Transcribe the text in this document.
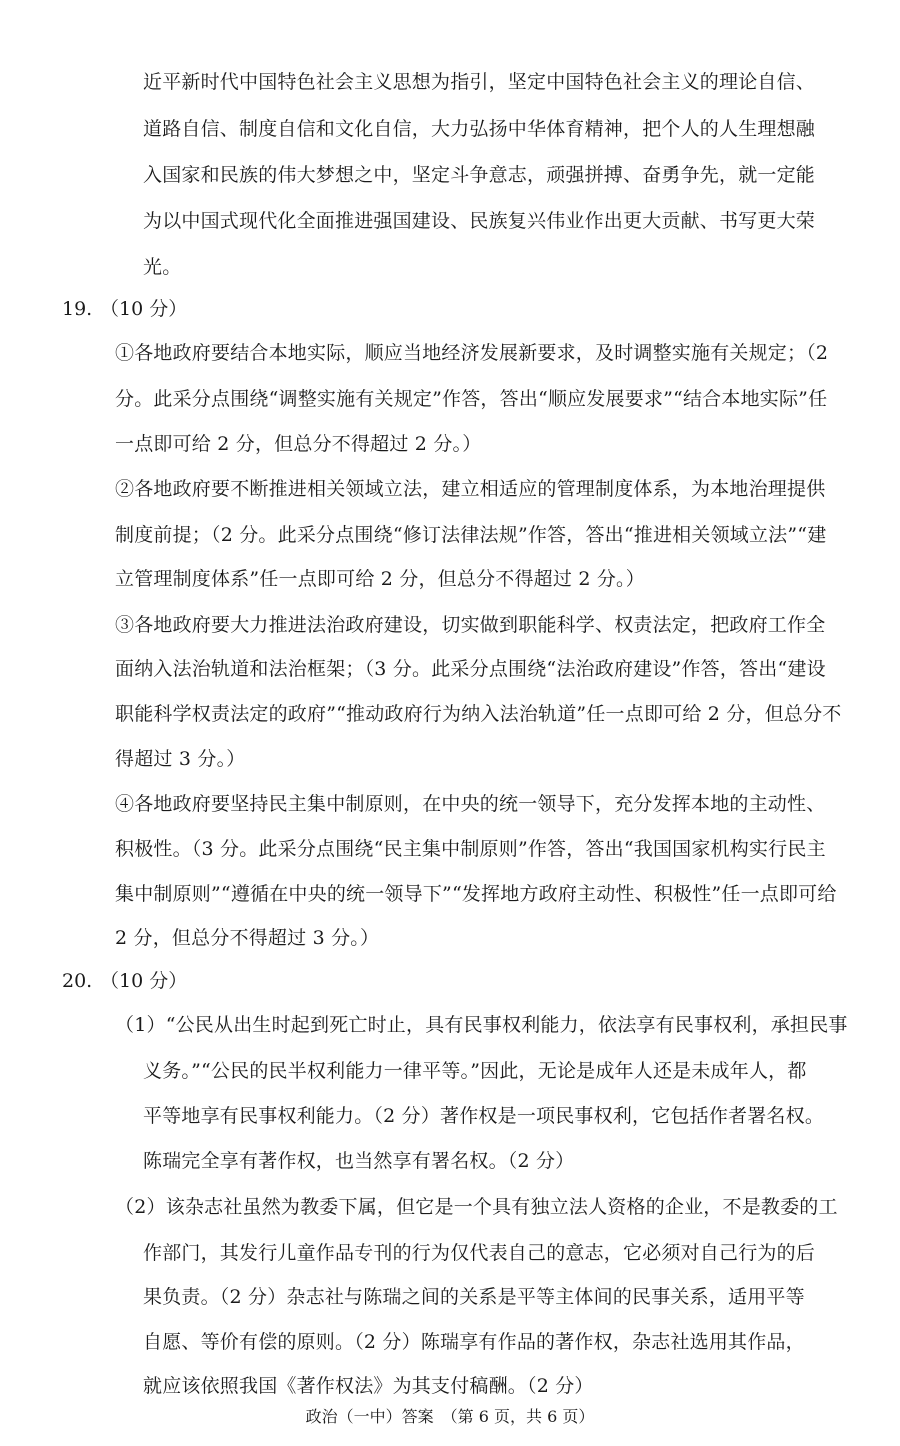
近平新时代中国特色社会主义思想为指引，坚定中国特色社会主义的理论自信、
道路自信、制度自信和文化自信，大力弘扬中华体育精神，把个人的人生理想融
入国家和民族的伟大梦想之中，坚定斗争意志，顽强拼搏、奋勇争先，就一定能
为以中国式现代化全面推进强国建设、民族复兴伟业作出更大贡献、书写更大荣
光。
19. （10 分）
①各地政府要结合本地实际，顺应当地经济发展新要求，及时调整实施有关规定；（2
分。此采分点围绕“调整实施有关规定”作答，答出“顺应发展要求”“结合本地实际”任
一点即可给 2 分，但总分不得超过 2 分。）
②各地政府要不断推进相关领域立法，建立相适应的管理制度体系，为本地治理提供
制度前提；（2 分。此采分点围绕“修订法律法规”作答，答出“推进相关领域立法”“建
立管理制度体系”任一点即可给 2 分，但总分不得超过 2 分。）
③各地政府要大力推进法治政府建设，切实做到职能科学、权责法定，把政府工作全
面纳入法治轨道和法治框架；（3 分。此采分点围绕“法治政府建设”作答，答出“建设
职能科学权责法定的政府”“推动政府行为纳入法治轨道”任一点即可给 2 分，但总分不
得超过 3 分。）
④各地政府要坚持民主集中制原则，在中央的统一领导下，充分发挥本地的主动性、
积极性。（3 分。此采分点围绕“民主集中制原则”作答，答出“我国国家机构实行民主
集中制原则”“遵循在中央的统一领导下”“发挥地方政府主动性、积极性”任一点即可给
2 分，但总分不得超过 3 分。）
20. （10 分）
（1）“公民从出生时起到死亡时止，具有民事权利能力，依法享有民事权利，承担民事
义务。”“公民的民半权利能力一律平等。”因此，无论是成年人还是未成年人，都
平等地享有民事权利能力。（2 分）著作权是一项民事权利，它包括作者署名权。
陈瑞完全享有著作权，也当然享有署名权。（2 分）
（2）该杂志社虽然为教委下属，但它是一个具有独立法人资格的企业，不是教委的工
作部门，其发行儿童作品专刊的行为仅代表自己的意志，它必须对自己行为的后
果负责。（2 分）杂志社与陈瑞之间的关系是平等主体间的民事关系，适用平等
自愿、等价有偿的原则。（2 分）陈瑞享有作品的著作权，杂志社选用其作品，
就应该依照我国《著作权法》为其支付稿酬。（2 分）
政治（一中）答案　（第 6 页，共 6 页）
